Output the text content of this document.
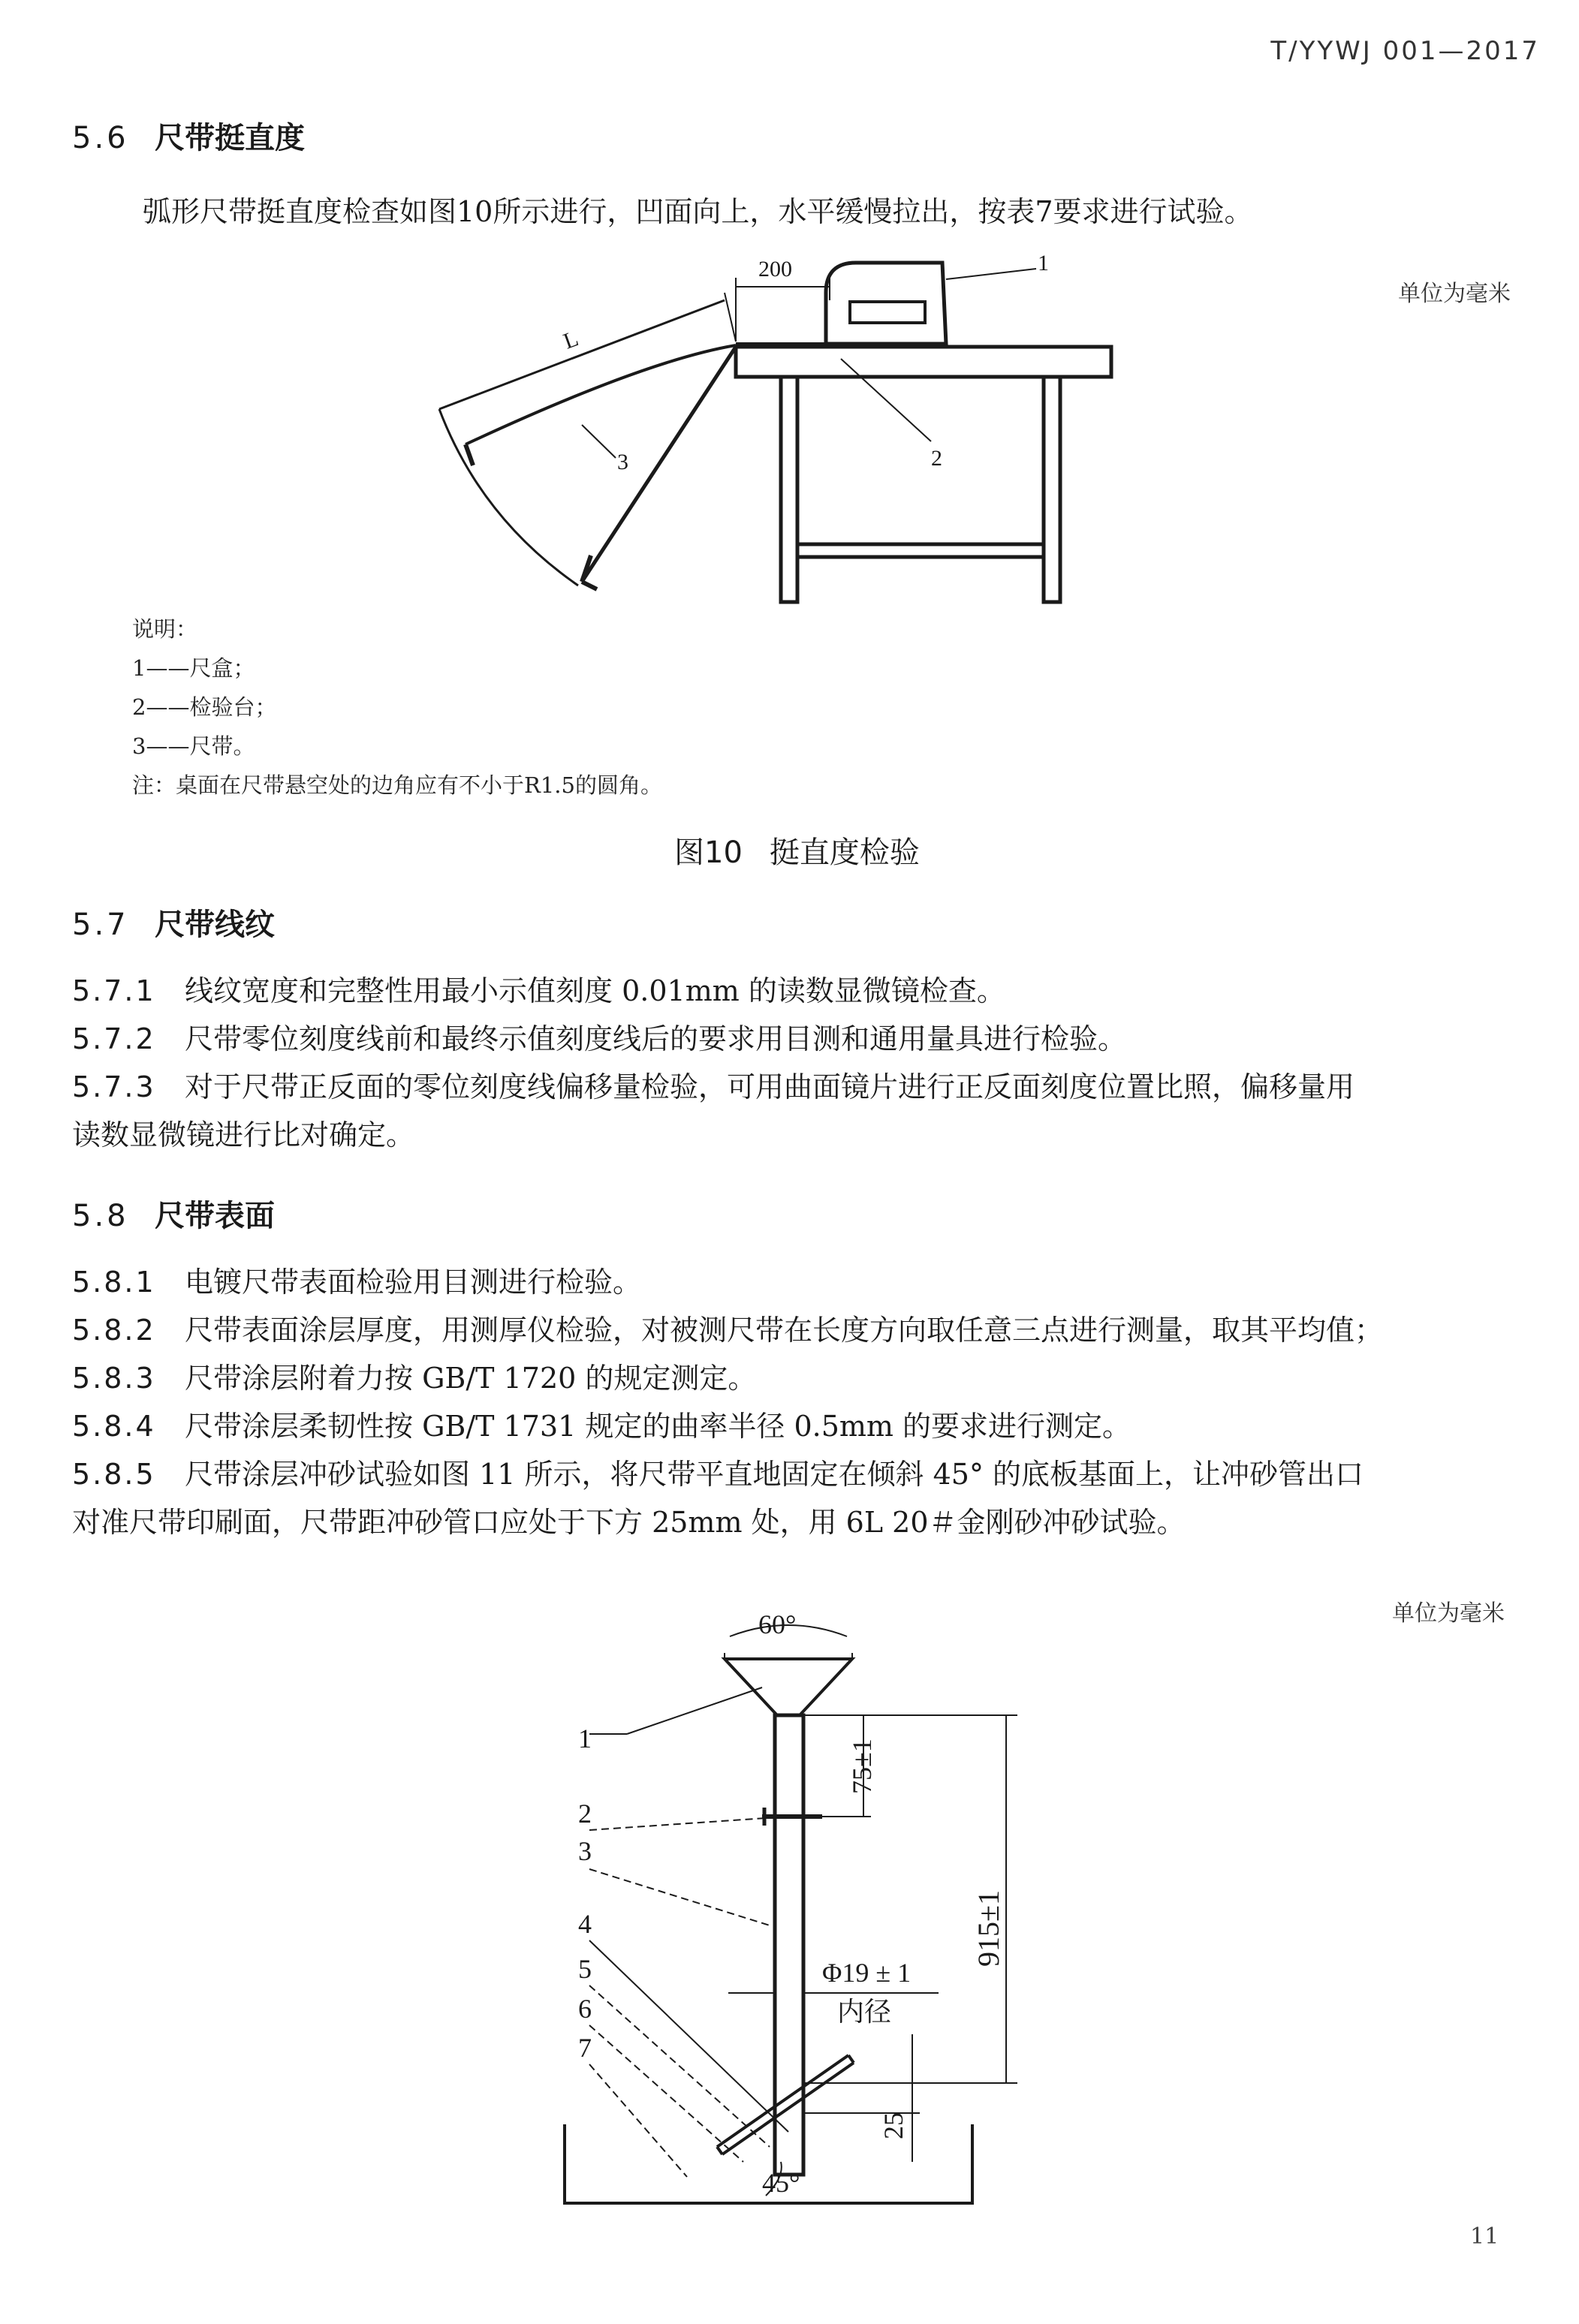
T/YYWJ 001—2017
5.6 尺带挺直度
弧形尺带挺直度检查如图10所示进行，凹面向上，水平缓慢拉出，按表7要求进行试验。
单位为毫米
200	1
2
3
L
说明：
1——尺盒；
2——检验台；
3——尺带。
注：桌面在尺带悬空处的边角应有不小于R1.5的圆角。
图10 挺直度检验
5.7 尺带线纹
5.7.1 线纹宽度和完整性用最小示值刻度 0.01mm 的读数显微镜检查。
5.7.2 尺带零位刻度线前和最终示值刻度线后的要求用目测和通用量具进行检验。
5.7.3 对于尺带正反面的零位刻度线偏移量检验，可用曲面镜片进行正反面刻度位置比照，偏移量用
读数显微镜进行比对确定。
5.8 尺带表面
5.8.1 电镀尺带表面检验用目测进行检验。
5.8.2 尺带表面涂层厚度，用测厚仪检验，对被测尺带在长度方向取任意三点进行测量，取其平均值；
5.8.3 尺带涂层附着力按 GB/T 1720 的规定测定。
5.8.4 尺带涂层柔韧性按 GB/T 1731 规定的曲率半径 0.5mm 的要求进行测定。
5.8.5 尺带涂层冲砂试验如图 11 所示，将尺带平直地固定在倾斜 45° 的底板基面上，让冲砂管出口
对准尺带印刷面，尺带距冲砂管口应处于下方 25mm 处，用 6L 20＃金刚砂冲砂试验。
单位为毫米
60°
75±1
915±1
Φ19 ± 1
内径
25
45°
1
2
3
4
5
6
7
11
